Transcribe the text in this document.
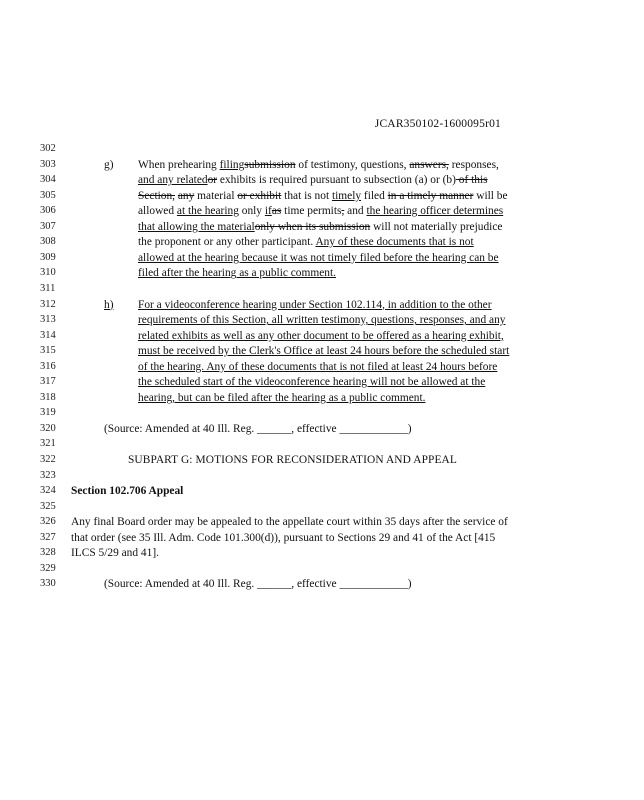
JCAR350102-1600095r01
302
303	g) When prehearing filingsubmission of testimony, questions, answers, responses,
304	and any relatedor exhibits is required pursuant to subsection (a) or (b) of this
305	Section, any material or exhibit that is not timely filed in a timely manner will be
306	allowed at the hearing only ifas time permits, and the hearing officer determines
307	that allowing the materialonly when its submission will not materially prejudice
308	the proponent or any other participant. Any of these documents that is not
309	allowed at the hearing because it was not timely filed before the hearing can be
310	filed after the hearing as a public comment.
311
312	h) For a videoconference hearing under Section 102.114, in addition to the other
313	requirements of this Section, all written testimony, questions, responses, and any
314	related exhibits as well as any other document to be offered as a hearing exhibit,
315	must be received by the Clerk's Office at least 24 hours before the scheduled start
316	of the hearing. Any of these documents that is not filed at least 24 hours before
317	the scheduled start of the videoconference hearing will not be allowed at the
318	hearing, but can be filed after the hearing as a public comment.
319
320	(Source: Amended at 40 Ill. Reg. ______, effective ____________)
321
322	SUBPART G: MOTIONS FOR RECONSIDERATION AND APPEAL
323
324	Section 102.706 Appeal
325
326	Any final Board order may be appealed to the appellate court within 35 days after the service of
327	that order (see 35 Ill. Adm. Code 101.300(d)), pursuant to Sections 29 and 41 of the Act [415
328	ILCS 5/29 and 41].
329
330	(Source: Amended at 40 Ill. Reg. ______, effective ____________)
